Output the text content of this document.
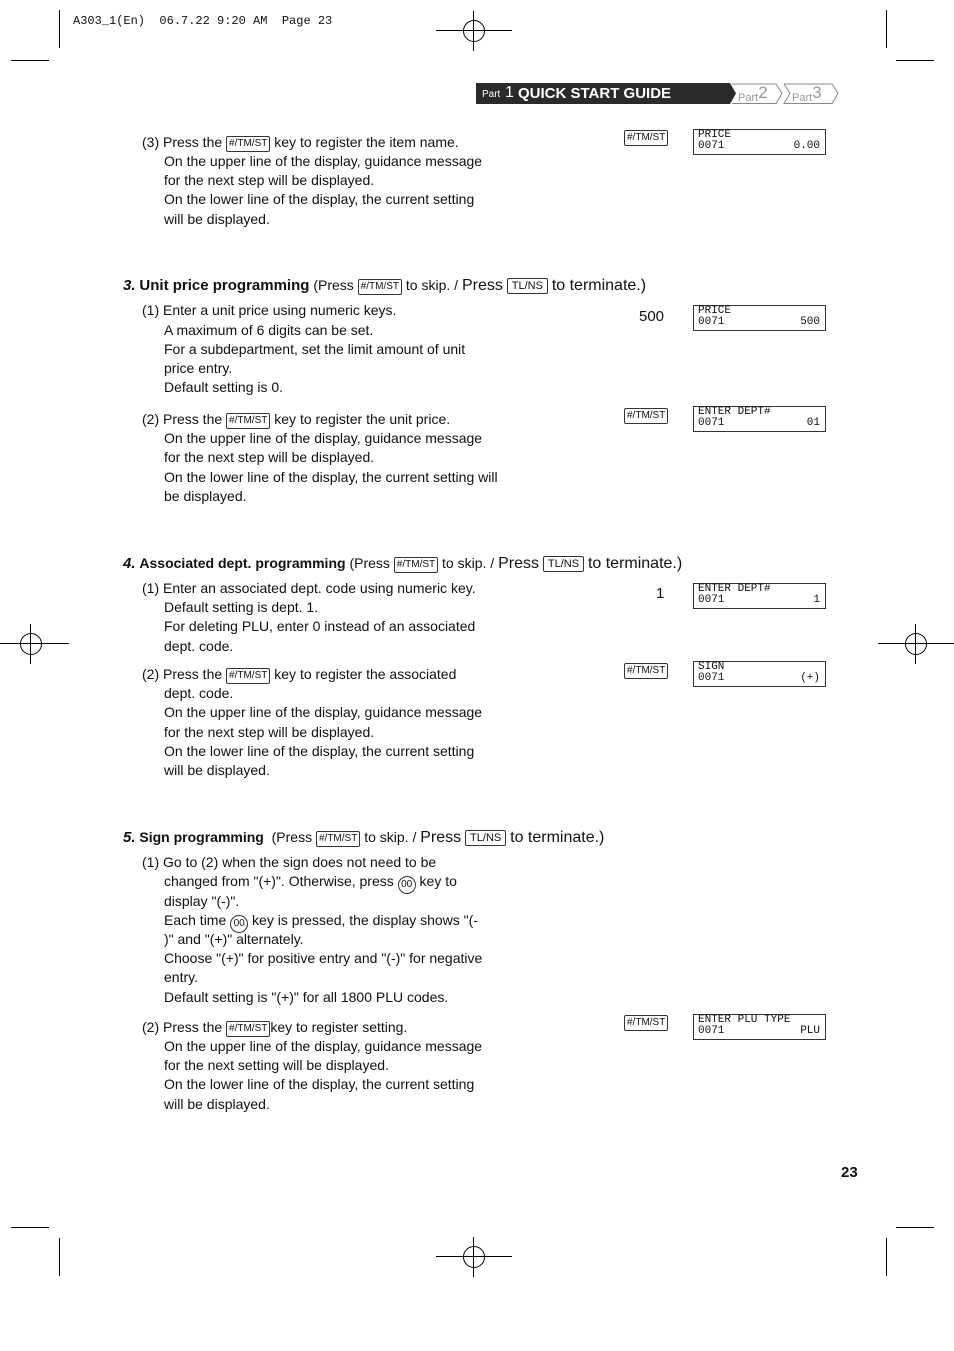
A303_1(En)  06.7.22 9:20 AM  Page 23
Part 1 QUICK START GUIDE	Part2 Part3
(3) Press the #/TM/ST key to register the item name.
On the upper line of the display, guidance message
for the next step will be displayed.
On the lower line of the display, the current setting
will be displayed.
#/TM/ST	PRICE
0071	0.00
3. Unit price programming (Press #/TM/ST to skip. / Press TL/NS to terminate.)
(1) Enter a unit price using numeric keys.
A maximum of 6 digits can be set.
For a subdepartment, set the limit amount of unit
price entry.
Default setting is 0.
500	PRICE
0071	500
(2) Press the #/TM/ST key to register the unit price.
On the upper line of the display, guidance message
for the next step will be displayed.
On the lower line of the display, the current setting will
be displayed.
#/TM/ST	ENTER DEPT#
0071	01
4. Associated dept. programming (Press #/TM/ST to skip. / Press TL/NS to terminate.)
(1) Enter an associated dept. code using numeric key.
Default setting is dept. 1.
For deleting PLU, enter 0 instead of an associated
dept. code.
1	ENTER DEPT#
0071	1
(2) Press the #/TM/ST key to register the associated
dept. code.
On the upper line of the display, guidance message
for the next step will be displayed.
On the lower line of the display, the current setting
will be displayed.
#/TM/ST	SIGN
0071	(+)
5. Sign programming (Press #/TM/ST to skip. / Press TL/NS to terminate.)
(1) Go to (2) when the sign does not need to be
changed from "(+)". Otherwise, press 00 key to
display "(-)".
Each time 00 key is pressed, the display shows "(-
)" and "(+)" alternately.
Choose "(+)" for positive entry and "(-)" for negative
entry.
Default setting is "(+)" for all 1800 PLU codes.
(2) Press the #/TM/ST key to register setting.
On the upper line of the display, guidance message
for the next setting will be displayed.
On the lower line of the display, the current setting
will be displayed.
#/TM/ST	ENTER PLU TYPE
0071	PLU
23
